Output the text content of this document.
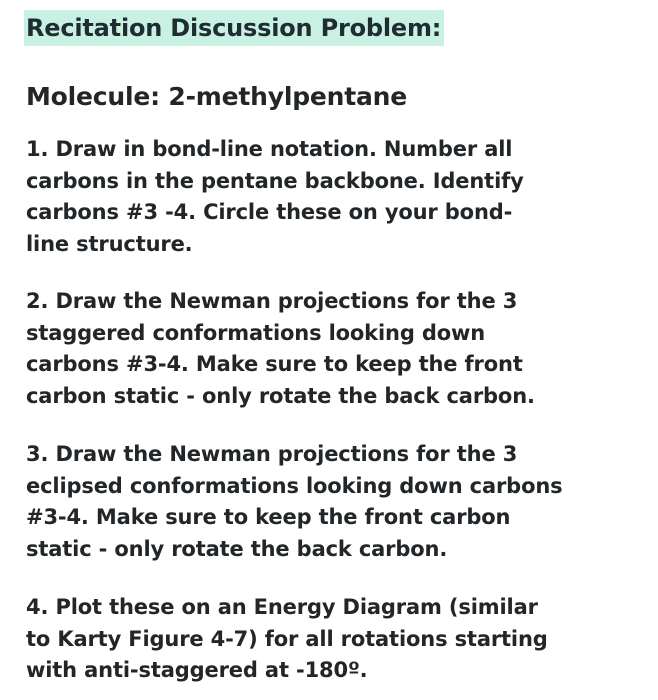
Recitation Discussion Problem:
Molecule: 2-methylpentane
1. Draw in bond-line notation. Number all
carbons in the pentane backbone. Identify
carbons #3 -4. Circle these on your bond-
line structure.
2. Draw the Newman projections for the 3
staggered conformations looking down
carbons #3-4. Make sure to keep the front
carbon static - only rotate the back carbon.
3. Draw the Newman projections for the 3
eclipsed conformations looking down carbons
#3-4. Make sure to keep the front carbon
static - only rotate the back carbon.
4. Plot these on an Energy Diagram (similar
to Karty Figure 4-7) for all rotations starting
with anti-staggered at -180º.
